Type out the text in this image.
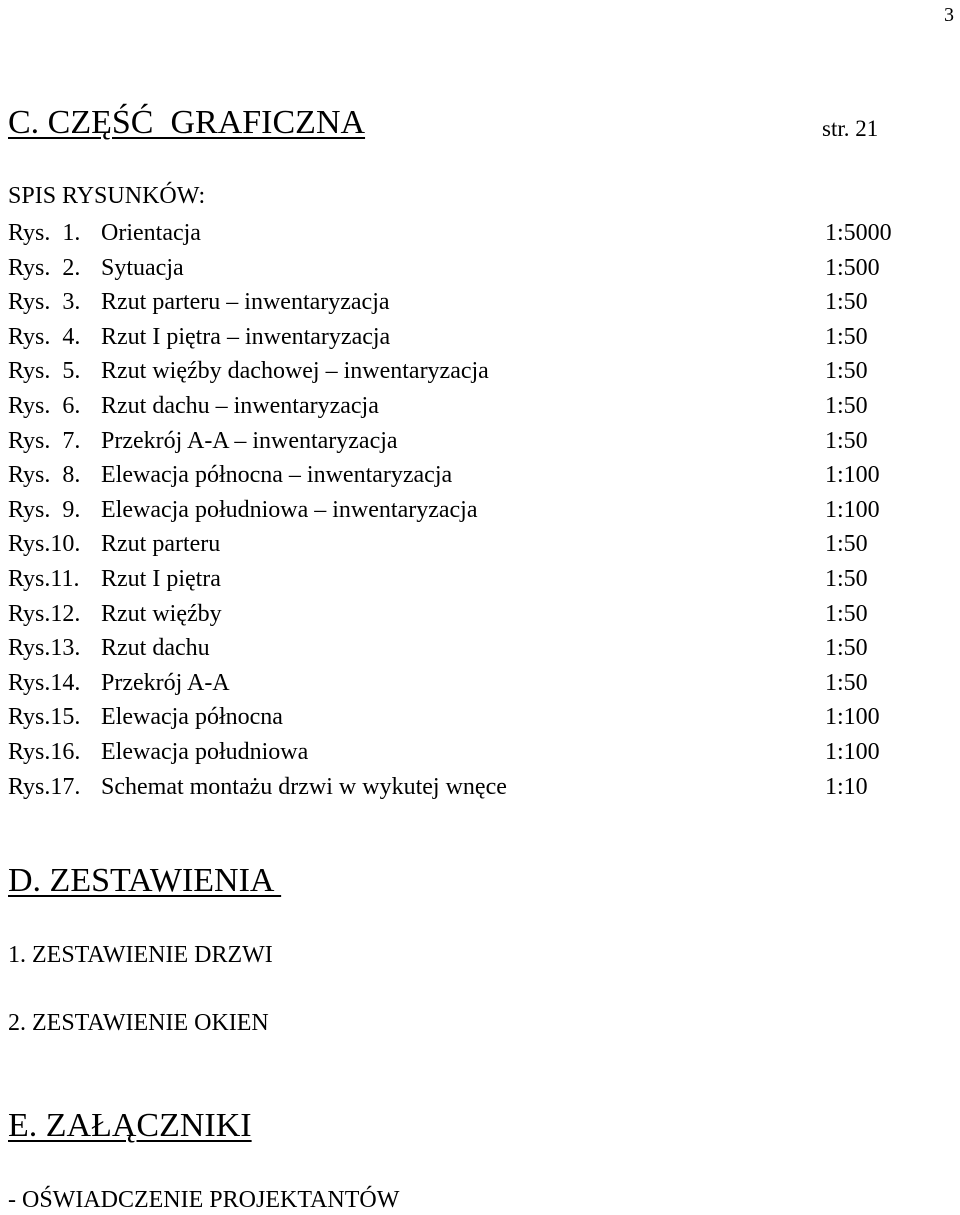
3
C. CZĘŚĆ  GRAFICZNA	str. 21
SPIS RYSUNKÓW:
Rys.  1. Orientacja	1:5000
Rys.  2. Sytuacja	1:500
Rys.  3. Rzut parteru – inwentaryzacja	1:50
Rys.  4. Rzut I piętra – inwentaryzacja	1:50
Rys.  5. Rzut więźby dachowej – inwentaryzacja	1:50
Rys.  6. Rzut dachu – inwentaryzacja	1:50
Rys.  7. Przekrój A-A – inwentaryzacja	1:50
Rys.  8. Elewacja północna – inwentaryzacja	1:100
Rys.  9. Elewacja południowa – inwentaryzacja	1:100
Rys.10. Rzut parteru	1:50
Rys.11. Rzut I piętra	1:50
Rys.12. Rzut więźby	1:50
Rys.13. Rzut dachu	1:50
Rys.14. Przekrój A-A	1:50
Rys.15. Elewacja północna	1:100
Rys.16. Elewacja południowa	1:100
Rys.17. Schemat montażu drzwi w wykutej wnęce	1:10
D. ZESTAWIENIA
1. ZESTAWIENIE DRZWI
2. ZESTAWIENIE OKIEN
E. ZAŁĄCZNIKI
- OŚWIADCZENIE PROJEKTANTÓW
